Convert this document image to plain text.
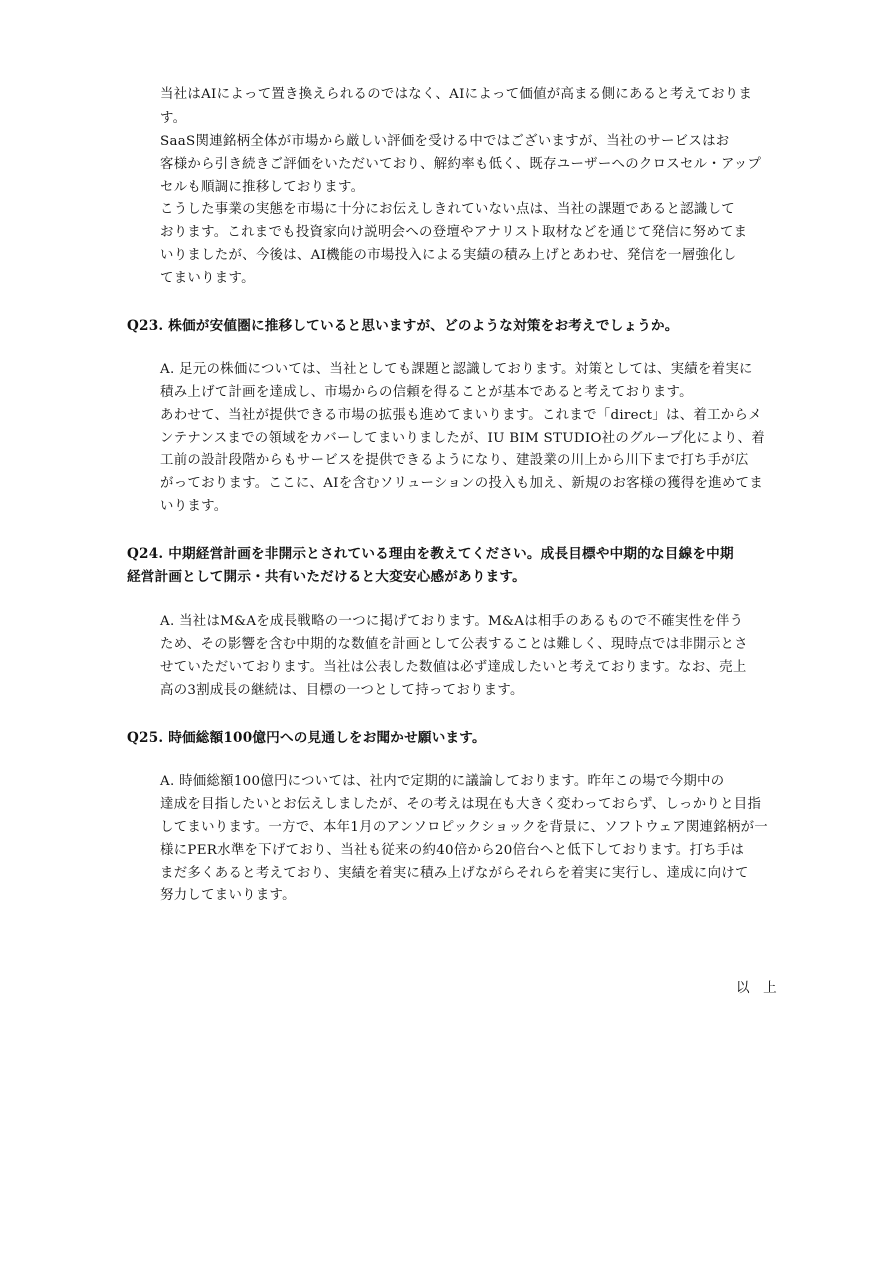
当社はAIによって置き換えられるのではなく、AIによって価値が高まる側にあると考えておりま
す。
SaaS関連銘柄全体が市場から厳しい評価を受ける中ではございますが、当社のサービスはお
客様から引き続きご評価をいただいており、解約率も低く、既存ユーザーへのクロスセル・アップ
セルも順調に推移しております。
こうした事業の実態を市場に十分にお伝えしきれていない点は、当社の課題であると認識して
おります。これまでも投資家向け説明会への登壇やアナリスト取材などを通じて発信に努めてま
いりましたが、今後は、AI機能の市場投入による実績の積み上げとあわせ、発信を一層強化し
てまいります。
Q23. 株価が安値圏に推移していると思いますが、どのような対策をお考えでしょうか。
A. 足元の株価については、当社としても課題と認識しております。対策としては、実績を着実に
積み上げて計画を達成し、市場からの信頼を得ることが基本であると考えております。
あわせて、当社が提供できる市場の拡張も進めてまいります。これまで「direct」は、着工からメ
ンテナンスまでの領域をカバーしてまいりましたが、IU BIM STUDIO社のグループ化により、着
工前の設計段階からもサービスを提供できるようになり、建設業の川上から川下まで打ち手が広
がっております。ここに、AIを含むソリューションの投入も加え、新規のお客様の獲得を進めてま
いります。
Q24. 中期経営計画を非開示とされている理由を教えてください。成長目標や中期的な目線を中期
経営計画として開示・共有いただけると大変安心感があります。
A. 当社はM&Aを成長戦略の一つに掲げております。M&Aは相手のあるもので不確実性を伴う
ため、その影響を含む中期的な数値を計画として公表することは難しく、現時点では非開示とさ
せていただいております。当社は公表した数値は必ず達成したいと考えております。なお、売上
高の3割成長の継続は、目標の一つとして持っております。
Q25. 時価総額100億円への見通しをお聞かせ願います。
A. 時価総額100億円については、社内で定期的に議論しております。昨年この場で今期中の
達成を目指したいとお伝えしましたが、その考えは現在も大きく変わっておらず、しっかりと目指
してまいります。一方で、本年1月のアンソロピックショックを背景に、ソフトウェア関連銘柄が一
様にPER水準を下げており、当社も従来の約40倍から20倍台へと低下しております。打ち手は
まだ多くあると考えており、実績を着実に積み上げながらそれらを着実に実行し、達成に向けて
努力してまいります。
以　上
